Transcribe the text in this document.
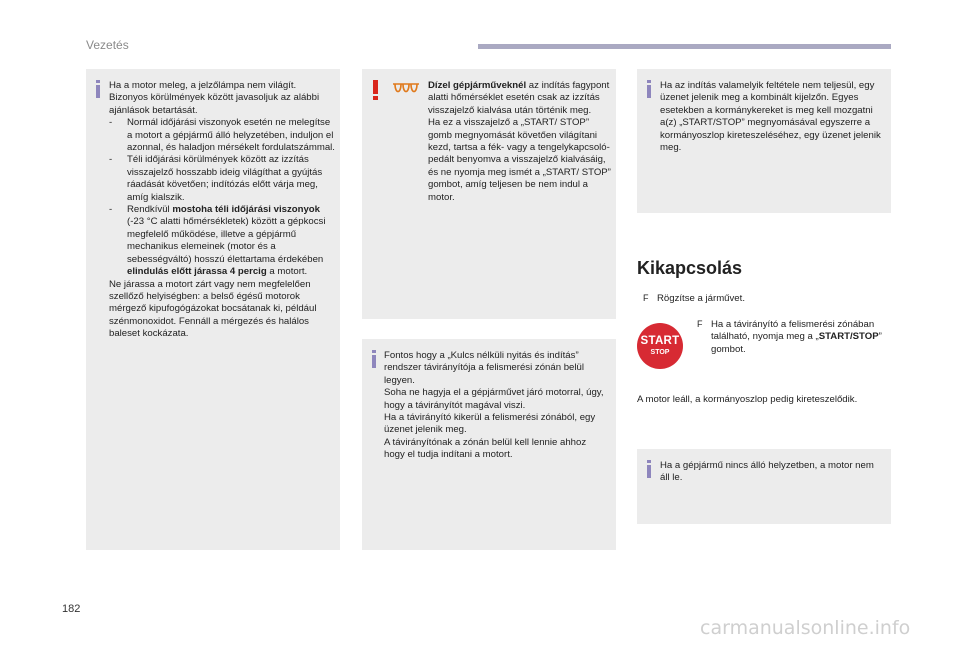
Vezetés

Ha a motor meleg, a jelzőlámpa nem világít. Bizonyos körülmények között javasoljuk az alábbi ajánlások betartását.

- Normál időjárási viszonyok esetén ne melegítse a motort a gépjármű álló helyzetében, induljon el azonnal, és haladjon mérsékelt fordulatszámmal.

- Téli időjárási körülmények között az izzítás visszajelző hosszabb ideig világíthat a gyújtás ráadását követően; indítózás előtt várja meg, amíg kialszik.

- Rendkívül mostoha téli időjárási viszonyok (-23 °C alatti hőmérsékletek) között a gépkocsi megfelelő működése, illetve a gépjármű mechanikus elemeinek (motor és a sebességváltó) hosszú élettartama érdekében elindulás előtt járassa 4 percig a motort.

Ne járassa a motort zárt vagy nem megfelelően szellőző helyiségben: a belső égésű motorok mérgező kipufogógázokat bocsátanak ki, például szénmonoxidot. Fennáll a mérgezés és halálos baleset kockázata.

Dízel gépjárműveknél az indítás fagypont alatti hőmérséklet esetén csak az izzítás visszajelző kialvása után történik meg.

Ha ez a visszajelző a „START/ STOP” gomb megnyomását követően világítani kezd, tartsa a fék- vagy a tengelykapcsoló-pedált benyomva a visszajelző kialvásáig, és ne nyomja meg ismét a „START/ STOP” gombot, amíg teljesen be nem indul a motor.

Fontos hogy a „Kulcs nélküli nyitás és indítás” rendszer távirányítója a felismerési zónán belül legyen.

Soha ne hagyja el a gépjárművet járó motorral, úgy, hogy a távirányítót magával viszi.

Ha a távirányító kikerül a felismerési zónából, egy üzenet jelenik meg.

A távirányítónak a zónán belül kell lennie ahhoz hogy el tudja indítani a motort.

Ha az indítás valamelyik feltétele nem teljesül, egy üzenet jelenik meg a kombinált kijelzőn. Egyes esetekben a kormánykereket is meg kell mozgatni a(z) „START/STOP” megnyomásával egyszerre a kormányoszlop kireteszeléséhez, egy üzenet jelenik meg.

Kikapcsolás
F Rögzítse a járművet.
START
STOP
F Ha a távirányító a felismerési zónában található, nyomja meg a „START/STOP” gombot.
A motor leáll, a kormányoszlop pedig kireteszelődik.

Ha a gépjármű nincs álló helyzetben, a motor nem áll le.

182
carmanualsonline.info
